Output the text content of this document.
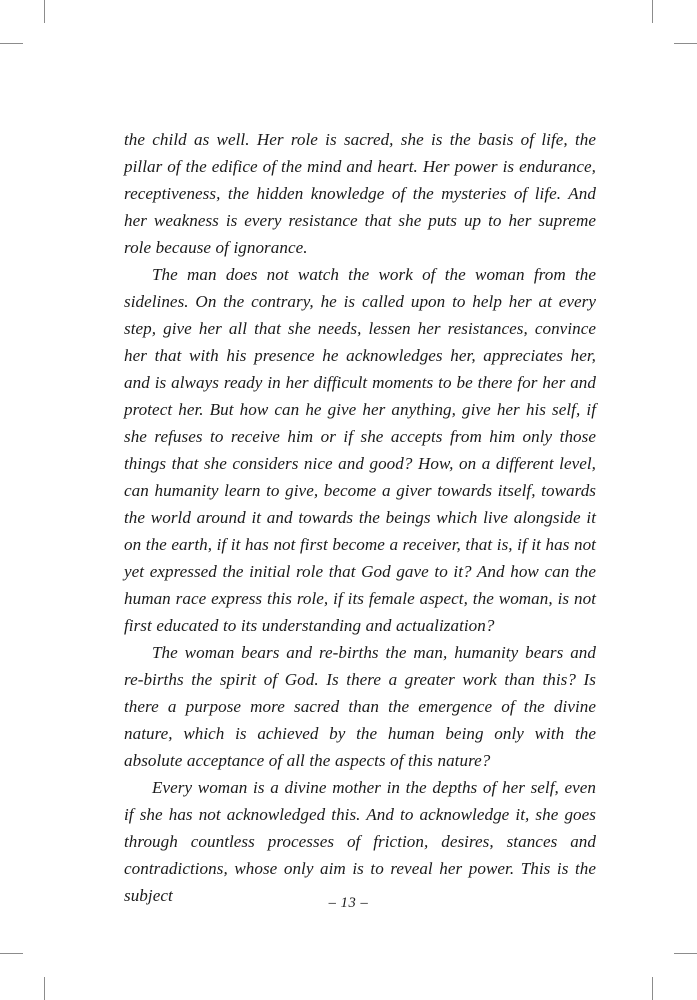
the child as well. Her role is sacred, she is the basis of life, the pillar of the edifice of the mind and heart. Her power is endurance, receptiveness, the hidden knowledge of the mysteries of life. And her weakness is every resistance that she puts up to her supreme role because of ignorance.

The man does not watch the work of the woman from the sidelines. On the contrary, he is called upon to help her at every step, give her all that she needs, lessen her resistances, convince her that with his presence he acknowledges her, appreciates her, and is always ready in her difficult moments to be there for her and protect her. But how can he give her anything, give her his self, if she refuses to receive him or if she accepts from him only those things that she considers nice and good? How, on a different level, can humanity learn to give, become a giver towards itself, towards the world around it and towards the beings which live alongside it on the earth, if it has not first become a receiver, that is, if it has not yet expressed the initial role that God gave to it? And how can the human race express this role, if its female aspect, the woman, is not first educated to its understanding and actualization?

The woman bears and re-births the man, humanity bears and re-births the spirit of God. Is there a greater work than this? Is there a purpose more sacred than the emergence of the divine nature, which is achieved by the human being only with the absolute acceptance of all the aspects of this nature?

Every woman is a divine mother in the depths of her self, even if she has not acknowledged this. And to acknowledge it, she goes through countless processes of friction, desires, stances and contradictions, whose only aim is to reveal her power. This is the subject	– 13 –
